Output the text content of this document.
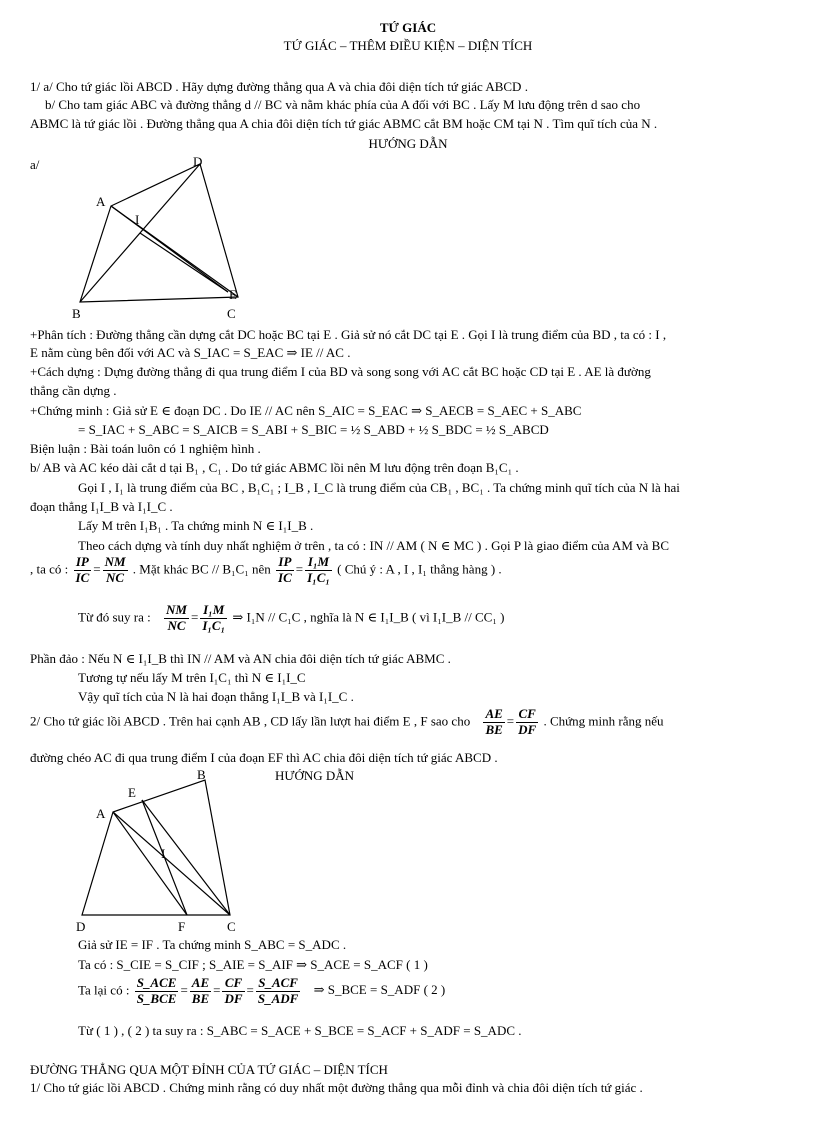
TỨ GIÁC
TỨ GIÁC – THÊM ĐIỀU KIỆN – DIỆN TÍCH
1/ a/ Cho tứ giác lồi ABCD . Hãy dựng đường thẳng qua A và chia đôi diện tích tứ giác ABCD .
b/ Cho tam giác ABC và đường thẳng d // BC và nằm khác phía của A đối với BC . Lấy M lưu động trên d sao cho
ABMC là tứ giác lồi . Đường thẳng qua A chia đôi diện tích tứ giác ABMC cắt BM hoặc CM tại N . Tìm quĩ tích của N .
HƯỚNG DẪN
a/
A
B	C
D
E
I
+Phân tích : Đường thẳng cần dựng cắt DC hoặc BC tại E . Giả sử nó cắt DC tại E . Gọi I là trung điểm của BD , ta có : I ,
E nằm cùng bên đối với AC và S_IAC = S_EAC ⇒ IE // AC .
+Cách dựng : Dựng đường thẳng đi qua trung điểm I của BD và song song với AC cắt BC hoặc CD tại E . AE là đường
thẳng cần dựng .
+Chứng minh : Giả sử E ∈ đoạn DC . Do IE // AC nên S_AIC = S_EAC ⇒ S_AECB = S_AEC + S_ABC
= S_IAC + S_ABC = S_AICB = S_ABI + S_BIC = ½ S_ABD + ½ S_BDC = ½ S_ABCD
Biện luận : Bài toán luôn có 1 nghiệm hình .
b/ AB và AC kéo dài cắt d tại B₁ , C₁ . Do tứ giác ABMC lồi nên M lưu động trên đoạn B₁C₁ .
Gọi I , I₁ là trung điểm của BC , B₁C₁ ; I_B , I_C là trung điểm của CB₁ , BC₁ . Ta chứng minh quĩ tích của N là hai
đoạn thẳng I₁I_B và I₁I_C .
Lấy M trên I₁B₁ . Ta chứng minh N ∈ I₁I_B .
Theo cách dựng và tính duy nhất nghiệm ở trên , ta có : IN // AM ( N ∈ MC ) . Gọi P là giao điểm của AM và BC
, ta có : $\frac{IP}{IC} = \frac{NM}{NC}$ . Mặt khác BC // B₁C₁ nên $\frac{IP}{IC} = \frac{\text{I₁M}}{\text{I₁C₁}}$ ( Chú ý : A , I , I₁ thẳng hàng ) .
Từ đó suy ra : $\frac{NM}{NC} = \frac{\text{I₁M}}{\text{I₁C₁}}$ ⇒ I₁N // C₁C , nghĩa là N ∈ I₁I_B ( vì I₁I_B // CC₁ )
Phần đảo : Nếu N ∈ I₁I_B thì IN // AM và AN chia đôi diện tích tứ giác ABMC .
Tương tự nếu lấy M trên I₁C₁ thì N ∈ I₁I_C
Vậy quĩ tích của N là hai đoạn thẳng I₁I_B và I₁I_C .
2/ Cho tứ giác lồi ABCD . Trên hai cạnh AB , CD lấy lần lượt hai điểm E , F sao cho $\frac{AE}{BE} = \frac{CF}{DF}$ . Chứng minh rằng nếu
đường chéo AC đi qua trung điểm I của đoạn EF thì AC chia đôi diện tích tứ giác ABCD .
HƯỚNG DẪN
A
B
C
D
E
F
I
Giả sử IE = IF . Ta chứng minh S_ABC = S_ADC .
Ta có : S_CIE = S_CIF ; S_AIE = S_AIF ⇒ S_ACE = S_ACF ( 1 )
Ta lại có : S_ACE
S_BCE
= $\frac{AE}{BE} = \frac{CF}{DF}$ = S_ACF
S_ADF
⇒ S_BCE = S_ADF ( 2 )
Từ ( 1 ) , ( 2 ) ta suy ra : S_ABC = S_ACE + S_BCE = S_ACF + S_ADF = S_ADC .
ĐƯỜNG THẲNG QUA MỘT ĐỈNH CỦA TỨ GIÁC – DIỆN TÍCH
1/ Cho tứ giác lồi ABCD . Chứng minh rằng có duy nhất một đường thẳng qua mỗi đỉnh và chia đôi diện tích tứ giác .
